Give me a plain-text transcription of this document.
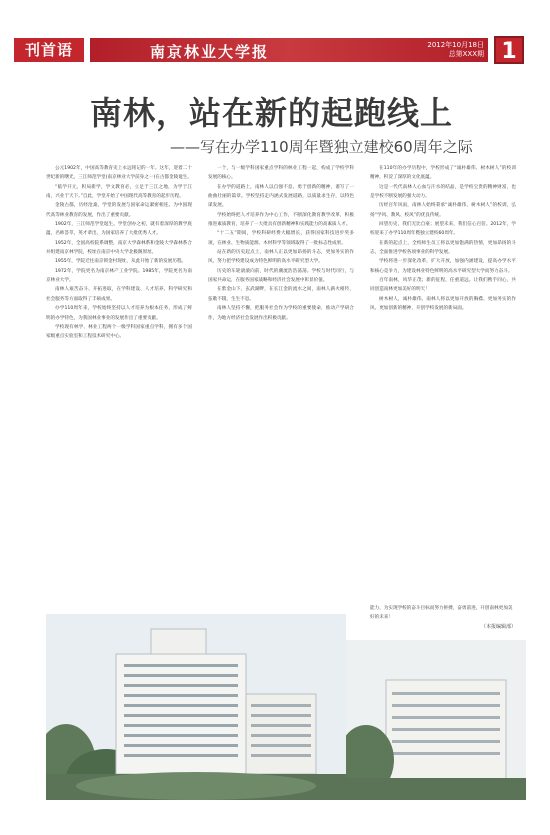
刊首语	南京林业大学报	2012年10月18日
总第XXX期 1
南林，站在新的起跑线上
——写在办学110周年暨独立建校60周年之际

公元1902年，中国高等教育史上永远铭记的一年。这年，迎着二十世纪新的曙光，三江师范学堂(南京林业大学前身之一)在古都金陵诞生。

“临学开元，积局新学，学文教育必，立足于三江之地，为学于江南，兴业于天下。”自此，学堂开始了中国现代高等教育的起步历程。

金陵古都，历经沧桑，学堂的发展与国家命运紧密相连。为中国现代高等林业教育的发展，作出了重要贡献。

1902年，三江师范学堂诞生。学堂创办之初，就有着深厚的教学底蕴，名师荟萃，英才辈出，为国家培养了大批优秀人才。

1952年，全国高校院系调整，南京大学森林系和金陵大学森林系合并组建南京林学院，校址在南京中央大学北极阁原址。

1955年，学院迁往南京锁金村现址，从此开始了新的发展历程。

1972年，学院更名为南京林产工业学院。1985年，学院更名为南京林业大学。

南林人艰苦奋斗、开拓进取，在学科建设、人才培养、科学研究和社会服务等方面取得了丰硕成果。

办学110周年来，学校始终坚持以人才培养为根本任务，形成了鲜明的办学特色，为我国林业事业的发展作出了重要贡献。

学校现有林学、林业工程两个一级学科国家重点学科，拥有多个国家级重点实验室和工程技术研究中心。

一个，与一级学科国家重点学科的林业工程一起，构成了学校学科发展的核心。

在办学的道路上，南林人以自强不息、勇于创新的精神，谱写了一曲曲壮丽的篇章。学校坚持走内涵式发展道路，以质量求生存，以特色谋发展。

学校始终把人才培养作为中心工作，不断深化教育教学改革，积极推进素质教育，培养了一大批具有创新精神和实践能力的高素质人才。

“十二五”期间，学校科研经费大幅增长，获得国家科技进步奖多项，在林业、生物质能源、木材科学等领域取得了一批标志性成果。

站在新的历史起点上，南林人正以更加昂扬的斗志，更加务实的作风，努力把学校建设成为特色鲜明的高水平研究型大学。

历史的车轮滚滚向前，时代的潮流浩浩荡荡。学校与时代同行，与国家共命运，在服务国家战略和经济社会发展中彰显价值。

在紫金山下、玄武湖畔，在长江金的流水之间，南林人薪火相传，弦歌不辍，生生不息。

南林人坚持不懈，把服务社会作为学校的重要使命，推动产学研合作，为地方经济社会发展作出积极贡献。

在110年的办学历程中，学校形成了“诚朴雄伟、树木树人”的校训精神，积淀了深厚的文化底蕴。

这是一代代南林人心血与汗水的结晶，是学校宝贵的精神财富，也是学校不断发展的强大动力。

历经百年风雨，南林人始终秉承“诚朴雄伟、树木树人”的校训，弘扬“学风、教风、校风”的优良传统。

回望历史，我们无比自豪；展望未来，我们信心百倍。2012年，学校迎来了办学110周年暨独立建校60周年。

在新的起点上，全校师生员工将以更加饱满的热情，更加昂扬的斗志，全面推进学校各项事业的科学发展。

学校将进一步深化改革，扩大开放，加强内涵建设，提高办学水平和核心竞争力，为建设林业特色鲜明的高水平研究型大学而努力奋斗。

百年南林，风华正茂；新的征程，任重道远。让我们携手同心，共同创造南林更加美好的明天！

树木树人，诚朴雄伟。南林人将以更加开放的胸襟、更加务实的作风、更加创新的精神，开创学校发展的新局面。

能力，为实现学校的奋斗目标而努力拼搏，奋勇前进，开创南林更加美好的未来！

（本报编辑部）
